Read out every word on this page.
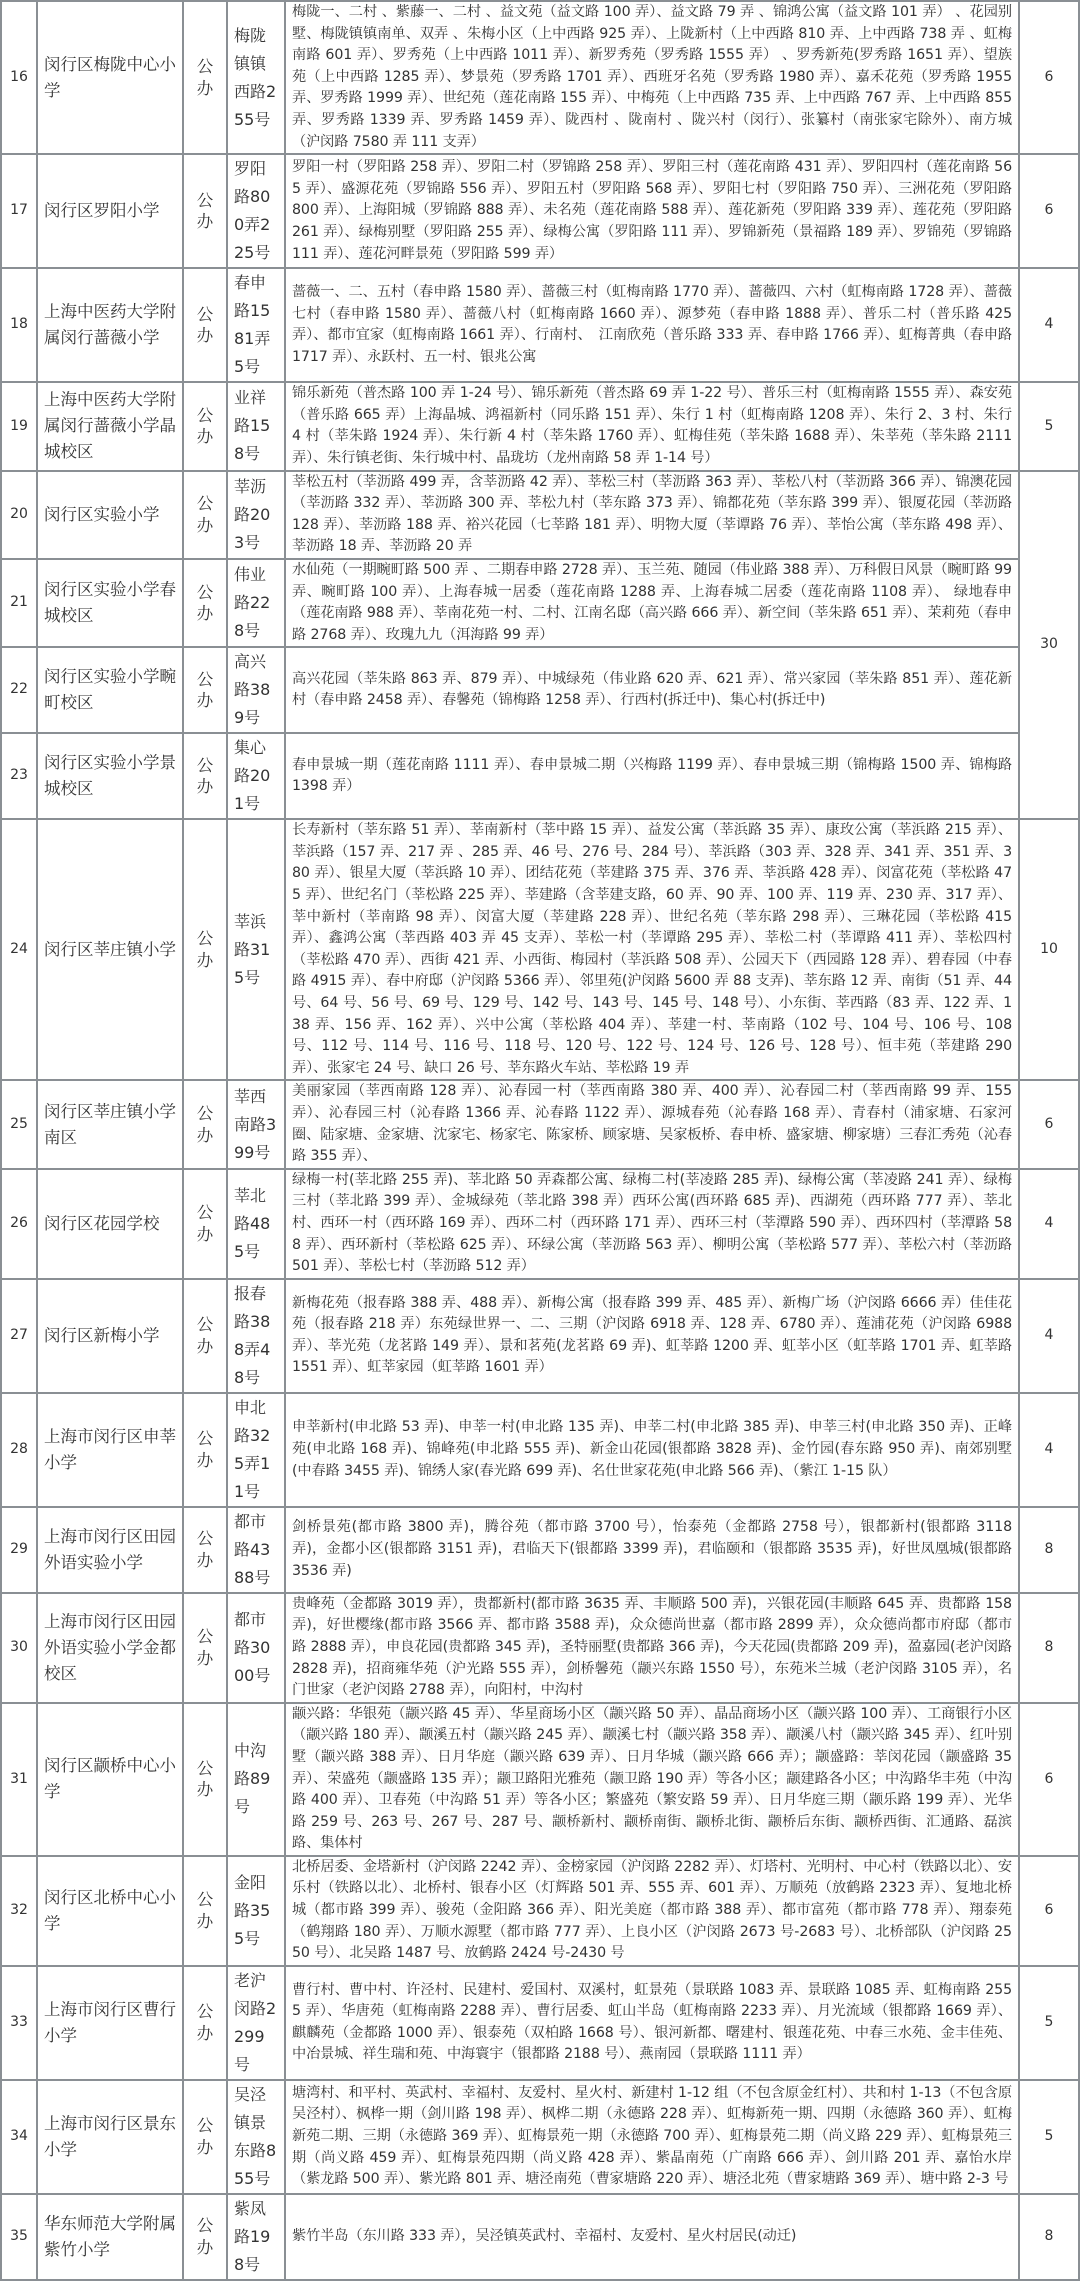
16	闵行区梅陇中心小学	公办	梅陇镇镇西路255号	梅陇一、二村 、紫藤一、二村 、益文苑（益文路 100 弄）、益文路 79 弄 、锦鸿公寓（益文路 101 弄） 、花园别墅、梅陇镇镇南单、双弄 、朱梅小区（上中西路 925 弄）、上陇新村（上中西路 810 弄、上中西路 738 弄 、虹梅南路 601 弄）、罗秀苑（上中西路 1011 弄）、新罗秀苑（罗秀路 1555 弄） 、罗秀新苑(罗秀路 1651 弄）、望族苑（上中西路 1285 弄）、梦景苑（罗秀路 1701 弄）、西班牙名苑（罗秀路 1980 弄）、嘉禾花苑（罗秀路 1955 弄、罗秀路 1999 弄）、世纪苑（莲花南路 155 弄）、中梅苑（上中西路 735 弄、上中西路 767 弄、上中西路 855 弄、罗秀路 1339 弄、罗秀路 1459 弄）、陇西村 、陇南村 、陇兴村（闵行）、张纂村（南张家宅除外）、南方城（沪闵路 7580 弄 111 支弄）	6
17	闵行区罗阳小学	公办	罗阳路800弄225号	罗阳一村（罗阳路 258 弄）、罗阳二村（罗锦路 258 弄）、罗阳三村（莲花南路 431 弄）、罗阳四村（莲花南路 565 弄）、盛源花苑（罗锦路 556 弄）、罗阳五村（罗阳路 568 弄）、罗阳七村（罗阳路 750 弄）、三洲花苑（罗阳路 800 弄）、上海阳城（罗锦路 888 弄）、未名苑（莲花南路 588 弄）、莲花新苑（罗阳路 339 弄）、莲花苑（罗阳路 261 弄）、绿梅别墅（罗阳路 255 弄）、绿梅公寓（罗阳路 111 弄）、罗锦新苑（景福路 189 弄）、罗锦苑（罗锦路 111 弄）、莲花河畔景苑（罗阳路 599 弄）	6
18	上海中医药大学附属闵行蔷薇小学	公办	春申路1581弄5号	蔷薇一、二、五村（春申路 1580 弄）、蔷薇三村（虹梅南路 1770 弄）、蔷薇四、六村（虹梅南路 1728 弄）、蔷薇七村（春申路 1580 弄）、蔷薇八村（虹梅南路 1660 弄）、源梦苑（春申路 1888 弄）、普乐二村（普乐路 425 弄）、都市宜家（虹梅南路 1661 弄）、行南村、　江南欣苑（普乐路 333 弄、春申路 1766 弄）、虹梅菁典（春申路 1717 弄）、永跃村、五一村、银兆公寓	4
19	上海中医药大学附属闵行蔷薇小学晶城校区	公办	业祥路158号	锦乐新苑（普杰路 100 弄 1-24 号）、锦乐新苑（普杰路 69 弄 1-22 号）、普乐三村（虹梅南路 1555 弄）、森安苑（普乐路 665 弄）上海晶城、鸿福新村（同乐路 151 弄）、朱行 1 村（虹梅南路 1208 弄）、朱行 2、3 村、朱行 4 村（莘朱路 1924 弄）、朱行新 4 村（莘朱路 1760 弄）、虹梅佳苑（莘朱路 1688 弄）、朱莘苑（莘朱路 2111 弄）、朱行镇老街、朱行城中村、晶珑坊（龙州南路 58 弄 1-14 号）	5
20	闵行区实验小学	公办	莘沥路203号	莘松五村（莘沥路 499 弄，含莘沥路 42 弄）、莘松三村（莘沥路 363 弄）、莘松八村（莘沥路 366 弄）、锦澳花园（莘沥路 332 弄）、莘沥路 300 弄、莘松九村（莘东路 373 弄）、锦都花苑（莘东路 399 弄）、银厦花园（莘沥路 128 弄）、莘沥路 188 弄、裕兴花园（七莘路 181 弄）、明物大厦（莘谭路 76 弄）、莘怡公寓（莘东路 498 弄）、莘沥路 18 弄、莘沥路 20 弄	30
21	闵行区实验小学春城校区	公办	伟业路228号	水仙苑（一期畹町路 500 弄 、二期春申路 2728 弄）、玉兰苑、随园（伟业路 388 弄）、万科假日风景（畹町路 99 弄、畹町路 100 弄）、上海春城一居委（莲花南路 1288 弄、上海春城二居委（莲花南路 1108 弄）、 绿地春申（莲花南路 988 弄）、莘南花苑一村、二村、江南名邸（高兴路 666 弄）、新空间（莘朱路 651 弄）、茉莉苑（春申路 2768 弄）、玫瑰九九（洱海路 99 弄）	
22	闵行区实验小学畹町校区	公办	高兴路389号	高兴花园（莘朱路 863 弄、879 弄）、中城绿苑（伟业路 620 弄、621 弄）、常兴家园（莘朱路 851 弄）、莲花新村（春申路 2458 弄）、春馨苑（锦梅路 1258 弄）、行西村(拆迁中)、集心村(拆迁中)	
23	闵行区实验小学景城校区	公办	集心路201号	春申景城一期（莲花南路 1111 弄）、春申景城二期（兴梅路 1199 弄）、春申景城三期（锦梅路 1500 弄、锦梅路 1398 弄）	
24	闵行区莘庄镇小学	公办	莘浜路315号	长寿新村（莘东路 51 弄）、莘南新村（莘中路 15 弄）、益发公寓（莘浜路 35 弄）、康玫公寓（莘浜路 215 弄）、莘浜路（157 弄、217 弄 、285 弄、46 号、276 号、284 号）、莘浜路（303 弄、328 弄、341 弄、351 弄、380 弄）、银星大厦（莘浜路 10 弄）、团结花苑（莘建路 375 弄、376 弄、莘浜路 428 弄）、闵富花苑（莘松路 475 弄）、世纪名门（莘松路 225 弄）、莘建路（含莘建支路，60 弄、90 弄、100 弄、119 弄、230 弄、317 弄）、莘中新村（莘南路 98 弄）、闵富大厦（莘建路 228 弄）、世纪名苑（莘东路 298 弄）、三琳花园（莘松路 415 弄）、鑫鸿公寓（莘西路 403 弄 45 支弄）、莘松一村（莘谭路 295 弄）、莘松二村（莘谭路 411 弄）、莘松四村（莘松路 470 弄）、西街 421 弄、小西街、梅园村（莘浜路 508 弄）、公园天下（西园路 128 弄）、碧春园（中春路 4915 弄）、春中府邸（沪闵路 5366 弄）、邻里苑(沪闵路 5600 弄 88 支弄)、莘东路 12 弄、南街（51 弄、44 号、64 号、56 号、69 号、129 号、142 号、143 号、145 号、148 号）、小东街、莘西路（83 弄、122 弄、138 弄、156 弄、162 弄）、兴中公寓（莘松路 404 弄）、莘建一村、莘南路（102 号、104 号、106 号、108 号、112 号、114 号、116 号、118 号、120 号、122 号、124 号、126 号、128 号）、恒丰苑（莘建路 290 弄）、张家宅 24 号、缺口 26 号、莘东路火车站、莘松路 19 弄	10
25	闵行区莘庄镇小学南区	公办	莘西南路399号	美丽家园（莘西南路 128 弄）、沁春园一村（莘西南路 380 弄、400 弄）、沁春园二村（莘西南路 99 弄、155 弄）、沁春园三村（沁春路 1366 弄、沁春路 1122 弄）、源城春苑（沁春路 168 弄）、青春村（浦家塘、石家河圈、陆家塘、金家塘、沈家宅、杨家宅、陈家桥、顾家塘、吴家板桥、春申桥、盛家塘、柳家塘）三春汇秀苑（沁春路 355 弄）、	6
26	闵行区花园学校	公办	莘北路485号	绿梅一村(莘北路 255 弄)、莘北路 50 弄森都公寓、绿梅二村(莘凌路 285 弄)、绿梅公寓（莘凌路 241 弄）、绿梅三村（莘北路 399 弄）、金城绿苑（莘北路 398 弄）西环公寓(西环路 685 弄)、西湖苑（西环路 777 弄）、莘北村、西环一村（西环路 169 弄）、西环二村（西环路 171 弄）、西环三村（莘潭路 590 弄）、西环四村（莘潭路 588 弄）、西环新村（莘松路 625 弄）、环绿公寓（莘沥路 563 弄）、柳明公寓（莘松路 577 弄）、莘松六村（莘沥路 501 弄）、莘松七村（莘沥路 512 弄）	4
27	闵行区新梅小学	公办	报春路388弄48号	新梅花苑（报春路 388 弄、488 弄）、新梅公寓（报春路 399 弄、485 弄）、新梅广场（沪闵路 6666 弄）佳佳花苑（报春路 218 弄）东苑绿世界一、二、三期（沪闵路 6918 弄、128 弄、6780 弄）、莲浦花苑（沪闵路 6988 弄）、莘光苑（龙茗路 149 弄）、景和茗苑(龙茗路 69 弄)、虹莘路 1200 弄、虹莘小区（虹莘路 1701 弄、虹莘路 1551 弄）、虹莘家园（虹莘路 1601 弄）	4
28	上海市闵行区申莘小学	公办	申北路325弄11号	申莘新村(申北路 53 弄)、申莘一村(申北路 135 弄)、申莘二村(申北路 385 弄)、申莘三村(申北路 350 弄)、正峰苑(申北路 168 弄)、锦峰苑(申北路 555 弄)、新金山花园(银都路 3828 弄)、金竹园(春东路 950 弄)、南郊别墅(中春路 3455 弄)、锦绣人家(春光路 699 弄)、名仕世家花苑(申北路 566 弄)、（紫江 1-15 队）	4
29	上海市闵行区田园外语实验小学	公办	都市路4388号	剑桥景苑(都市路 3800 弄)，腾谷苑（都市路 3700 号），怡泰苑（金都路 2758 号），银都新村(银都路 3118 弄)，金都小区(银都路 3151 弄)，君临天下(银都路 3399 弄)，君临颐和（银都路 3535 弄)，好世凤凰城(银都路 3536 弄)	8
30	上海市闵行区田园外语实验小学金都校区	公办	都市路3000号	贵峰苑（金都路 3019 弄），贵都新村(都市路 3635 弄、丰顺路 500 弄)，兴银花园(丰顺路 645 弄、贵都路 158 弄)，好世樱缘(都市路 3566 弄、都市路 3588 弄)，众众德尚世嘉（都市路 2899 弄），众众德尚都市府邸（都市路 2888 弄），申良花园(贵都路 345 弄)，圣特丽墅(贵都路 366 弄)，今天花园(贵都路 209 弄)，盈嘉园(老沪闵路 2828 弄)，招商雍华苑（沪光路 555 弄），剑桥馨苑（颛兴东路 1550 号），东苑米兰城（老沪闵路 3105 弄），名门世家（老沪闵路 2788 弄），向阳村，中沟村	8
31	闵行区颛桥中心小学	公办	中沟路89号	颛兴路：华银苑（颛兴路 45 弄）、华星商场小区（颛兴路 50 弄）、晶品商场小区（颛兴路 100 弄）、工商银行小区（颛兴路 180 弄）、颛溪五村（颛兴路 245 弄）、颛溪七村（颛兴路 358 弄）、颛溪八村（颛兴路 345 弄）、红叶别墅（颛兴路 388 弄）、日月华庭（颛兴路 639 弄）、日月华城（颛兴路 666 弄）；颛盛路：莘闵花园（颛盛路 35 弄）、荣盛苑（颛盛路 135 弄）；颛卫路阳光雅苑（颛卫路 190 弄）等各小区；颛建路各小区；中沟路华丰苑（中沟路 400 弄）、卫春苑（中沟路 51 弄）等各小区；繁盛苑（繁安路 59 弄）、日月华庭三期（颛乐路 199 弄）、光华路 259 号、263 号、267 号、287 号、颛桥新村、颛桥南街、颛桥北街、颛桥后东街、颛桥西街、汇通路、磊滨路、集体村	6
32	闵行区北桥中心小学	公办	金阳路355号	北桥居委、金塔新村（沪闵路 2242 弄）、金榜家园（沪闵路 2282 弄）、灯塔村、光明村、中心村（铁路以北）、安乐村（铁路以北）、北桥村、银春小区（灯辉路 501 弄、555 弄、601 弄）、万顺苑（放鹤路 2323 弄）、复地北桥城（都市路 399 弄）、骏苑（金阳路 366 弄）、阳光美庭（都市路 388 弄）、都市富苑（都市路 778 弄）、翔泰苑（鹤翔路 180 弄）、万顺水源墅（都市路 777 弄）、上良小区（沪闵路 2673 号-2683 号）、北桥部队（沪闵路 2550 号）、北吴路 1487 号、放鹤路 2424 号-2430 号	6
33	上海市闵行区曹行小学	公办	老沪闵路2299号	曹行村、曹中村、许泾村、民建村、爱国村、双溪村，虹景苑（景联路 1083 弄、景联路 1085 弄、虹梅南路 2555 弄）、华唐苑（虹梅南路 2288 弄）、曹行居委、虹山半岛（虹梅南路 2233 弄）、月光流域（银都路 1669 弄）、麒麟苑（金都路 1000 弄）、银泰苑（双柏路 1668 号）、银河新都、曙建村、银莲花苑、中春三水苑、金丰佳苑、中冶景城、祥生瑞和苑、中海寰宇（银都路 2188 号）、燕南园（景联路 1111 弄）	5
34	上海市闵行区景东小学	公办	吴泾镇景东路855号	塘湾村、和平村、英武村、幸福村、友爱村、星火村、新建村 1-12 组（不包含原金红村）、共和村 1-13（不包含原吴泾村）、枫桦一期（剑川路 198 弄）、枫桦二期（永德路 228 弄）、虹梅新苑一期、四期（永德路 360 弄）、虹梅新苑二期、三期（永德路 369 弄）、虹梅景苑一期（永德路 700 弄）、虹梅景苑二期（尚义路 229 弄）、虹梅景苑三期（尚义路 459 弄）、虹梅景苑四期（尚义路 428 弄）、紫晶南苑（广南路 666 弄）、剑川路 201 弄、嘉怡水岸（紫龙路 500 弄）、紫光路 801 弄、塘泾南苑（曹家塘路 220 弄）、塘泾北苑（曹家塘路 369 弄）、塘中路 2-3 号	5
35	华东师范大学附属紫竹小学	公办	紫凤路198号	紫竹半岛（东川路 333 弄），吴泾镇英武村、幸福村、友爱村、星火村居民(动迁)	8
